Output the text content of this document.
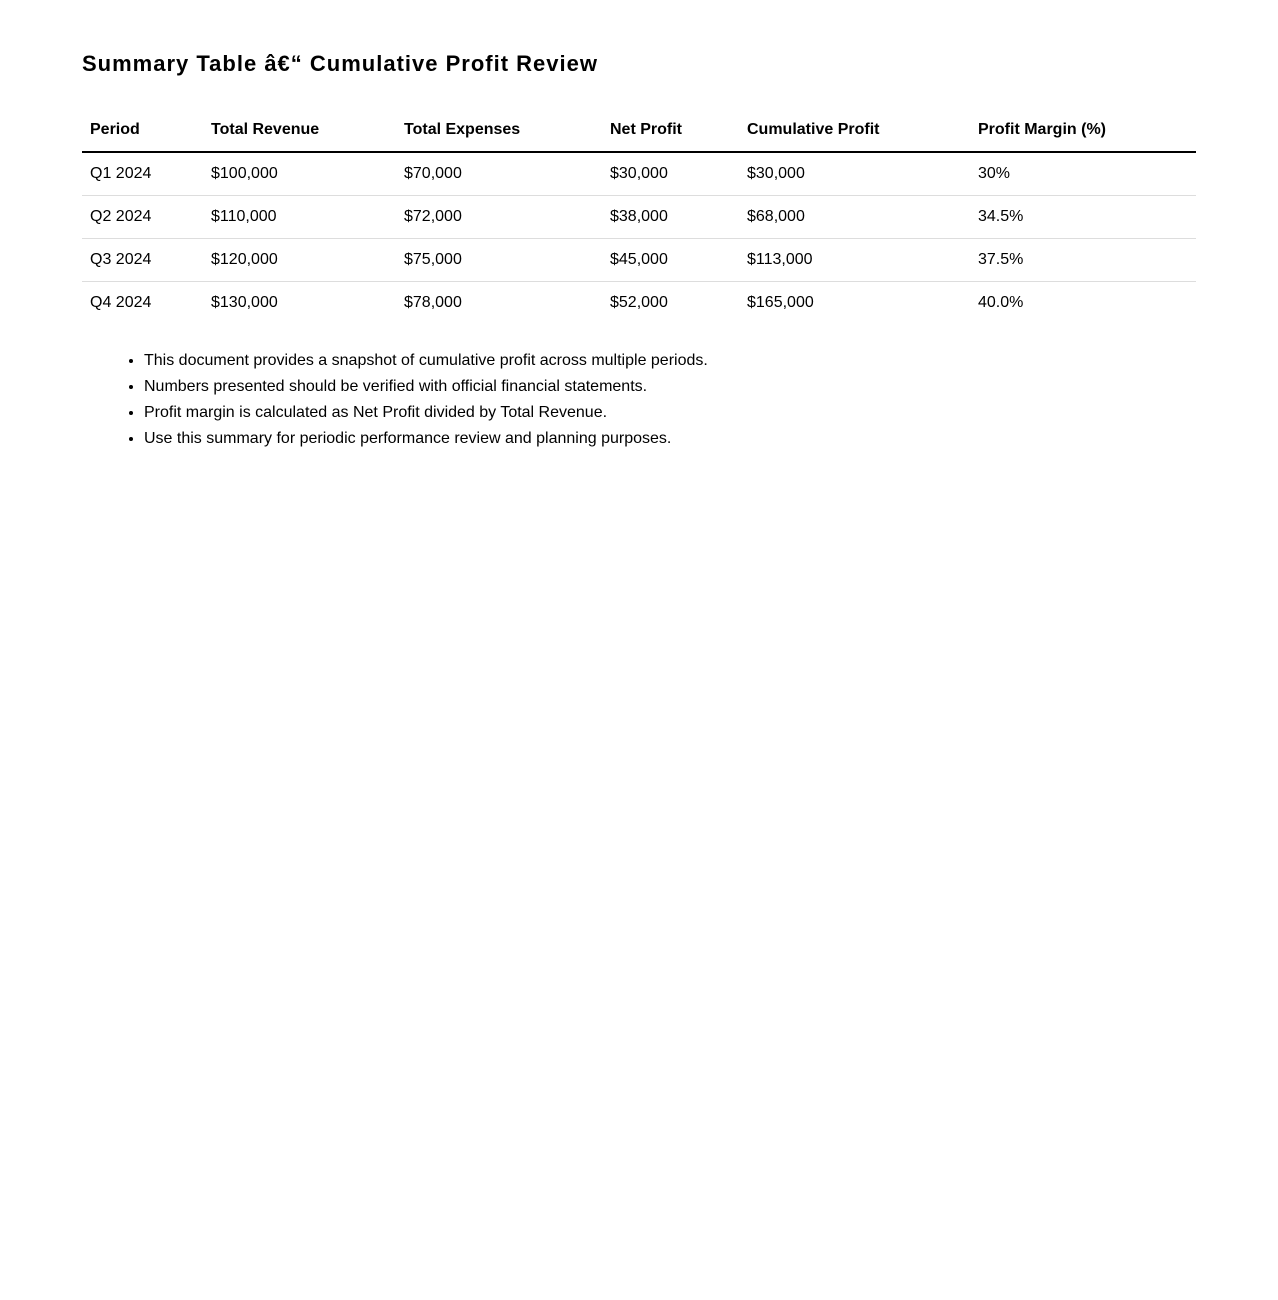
Summary Table â€“ Cumulative Profit Review
Period	Total Revenue	Total Expenses	Net Profit	Cumulative Profit	Profit Margin (%)
Q1 2024	$100,000	$70,000	$30,000	$30,000	30%
Q2 2024	$110,000	$72,000	$38,000	$68,000	34.5%
Q3 2024	$120,000	$75,000	$45,000	$113,000	37.5%
Q4 2024	$130,000	$78,000	$52,000	$165,000	40.0%
• This document provides a snapshot of cumulative profit across multiple periods.
• Numbers presented should be verified with official financial statements.
• Profit margin is calculated as Net Profit divided by Total Revenue.
• Use this summary for periodic performance review and planning purposes.
